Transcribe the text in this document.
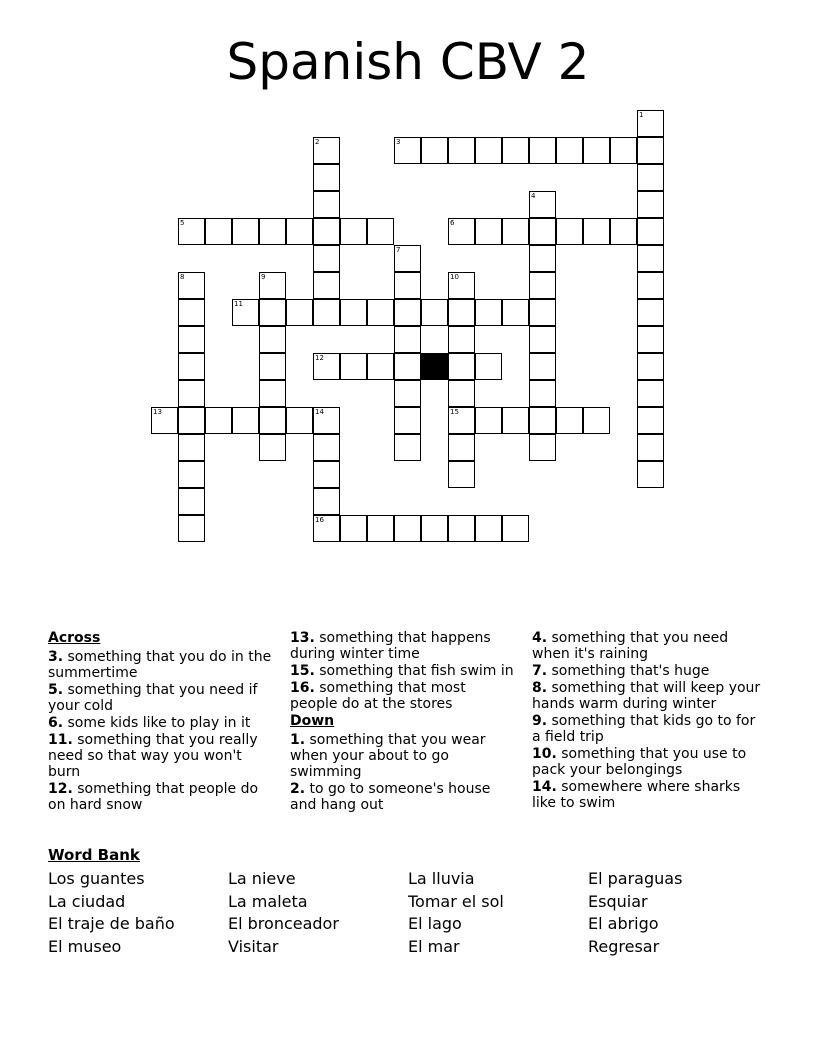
Spanish CBV 2
1
2	3
4
5	6
7
8	9	10
15
11
12
13	14
16
Across
3. something that you do in the summertime
5. something that you need if your cold
6. some kids like to play in it
11. something that you really need so that way you won't burn
12. something that people do on hard snow
13. something that happens during winter time
15. something that fish swim in
16. something that most people do at the stores
Down
1. something that you wear when your about to go swimming
2. to go to someone's house and hang out
4. something that you need when it's raining
7. something that's huge
8. something that will keep your hands warm during winter
9. something that kids go to for a field trip
10. something that you use to pack your belongings
14. somewhere where sharks like to swim
Word Bank
Los guantes
La ciudad
El traje de baño
El museo
La nieve
La maleta
El bronceador
Visitar
La lluvia
Tomar el sol
El lago
El mar
El paraguas
Esquiar
El abrigo
Regresar
